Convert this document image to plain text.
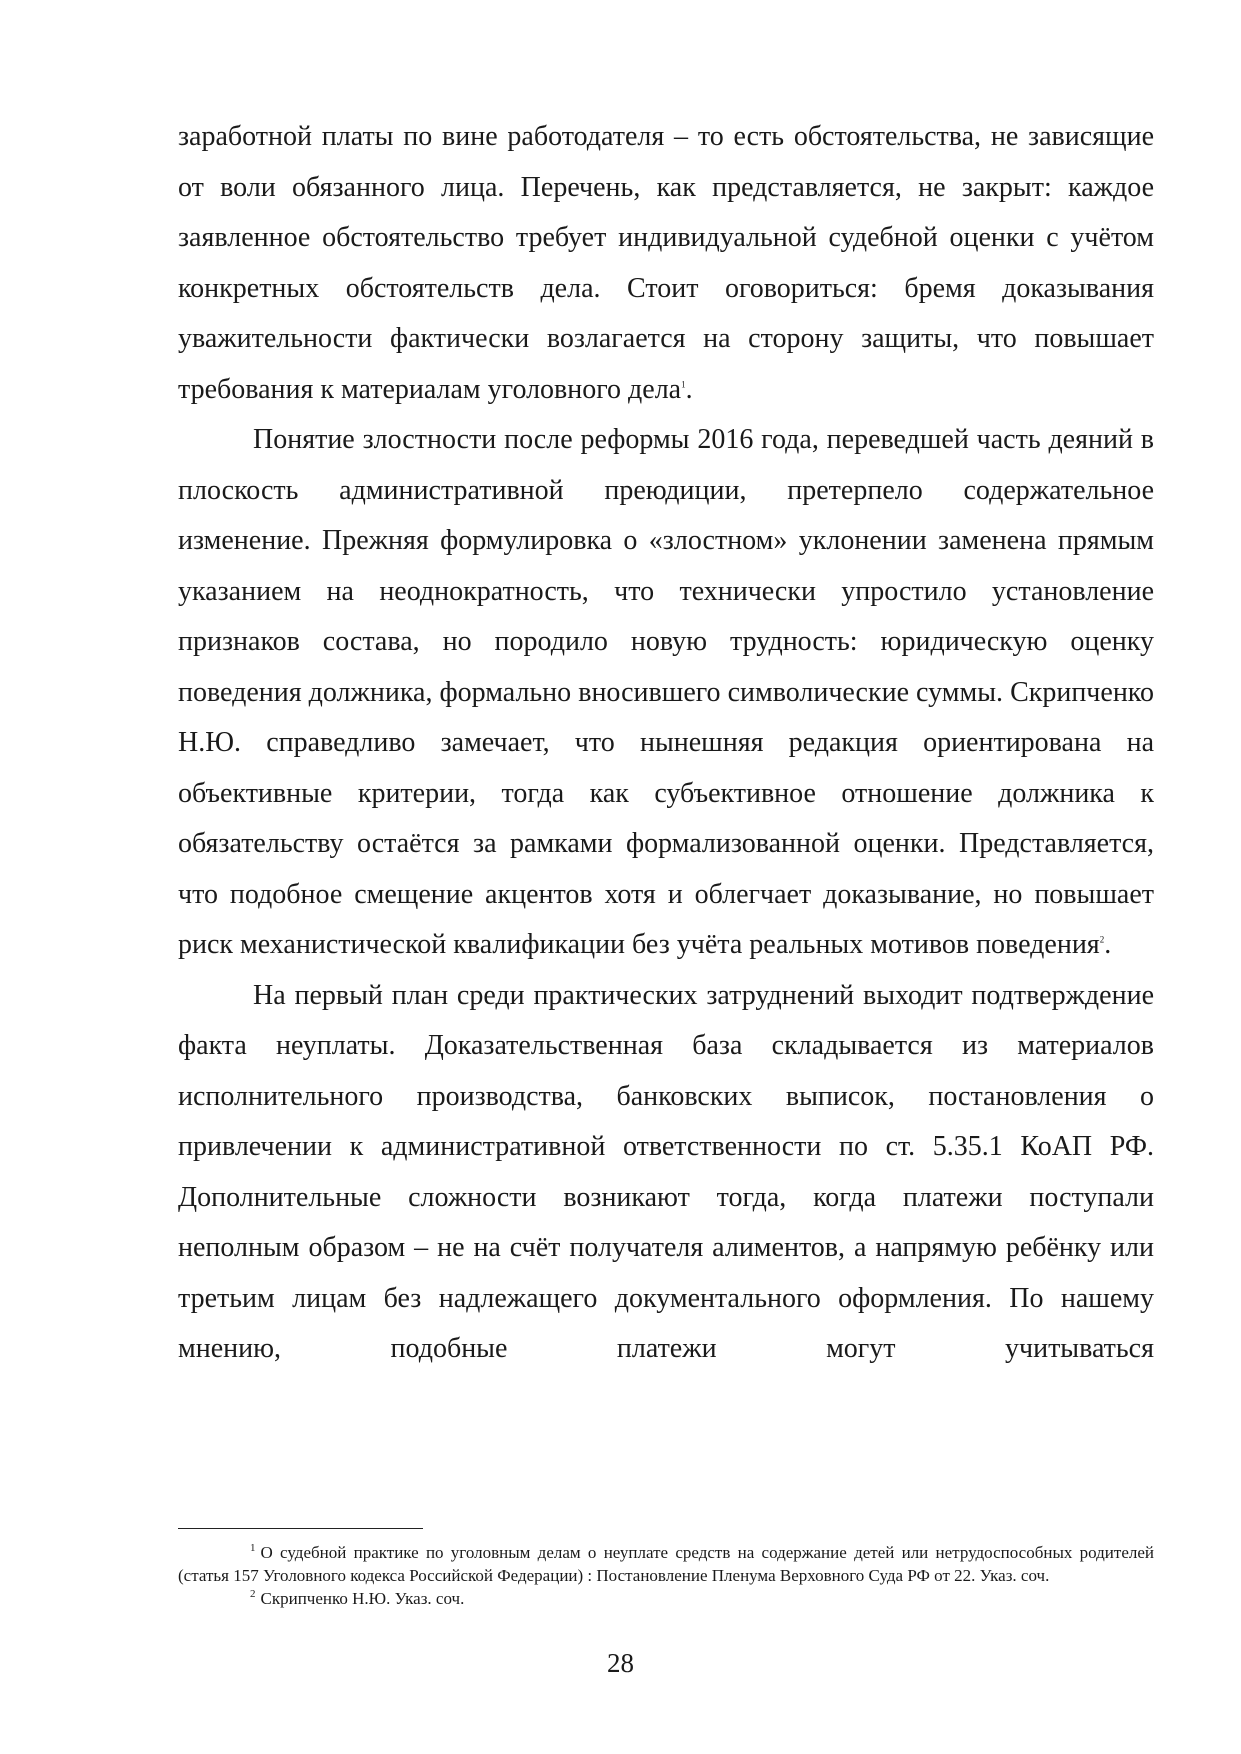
заработной платы по вине работодателя – то есть обстоятельства, не зависящие от воли обязанного лица. Перечень, как представляется, не закрыт: каждое заявленное обстоятельство требует индивидуальной судебной оценки с учётом конкретных обстоятельств дела. Стоит оговориться: бремя доказывания уважительности фактически возлагается на сторону защиты, что повышает требования к материалам уголовного дела$^1$.

Понятие злостности после реформы 2016 года, переведшей часть деяний в плоскость административной преюдиции, претерпело содержательное изменение. Прежняя формулировка о «злостном» уклонении заменена прямым указанием на неоднократность, что технически упростило установление признаков состава, но породило новую трудность: юридическую оценку поведения должника, формально вносившего символические суммы. Скрипченко Н.Ю. справедливо замечает, что нынешняя редакция ориентирована на объективные критерии, тогда как субъективное отношение должника к обязательству остаётся за рамками формализованной оценки. Представляется, что подобное смещение акцентов хотя и облегчает доказывание, но повышает риск механистической квалификации без учёта реальных мотивов поведения$^2$.

На первый план среди практических затруднений выходит подтверждение факта неуплаты. Доказательственная база складывается из материалов исполнительного производства, банковских выписок, постановления о привлечении к административной ответственности по ст. 5.35.1 КоАП РФ. Дополнительные сложности возникают тогда, когда платежи поступали неполным образом – не на счёт получателя алиментов, а напрямую ребёнку или третьим лицам без надлежащего документального оформления. По нашему мнению, подобные платежи могут учитываться

$^1$ О судебной практике по уголовным делам о неуплате средств на содержание детей или нетрудоспособных родителей (статья 157 Уголовного кодекса Российской Федерации) : Постановление Пленума Верховного Суда РФ от 22. Указ. соч.

$^2$ Скрипченко Н.Ю. Указ. соч.

28
